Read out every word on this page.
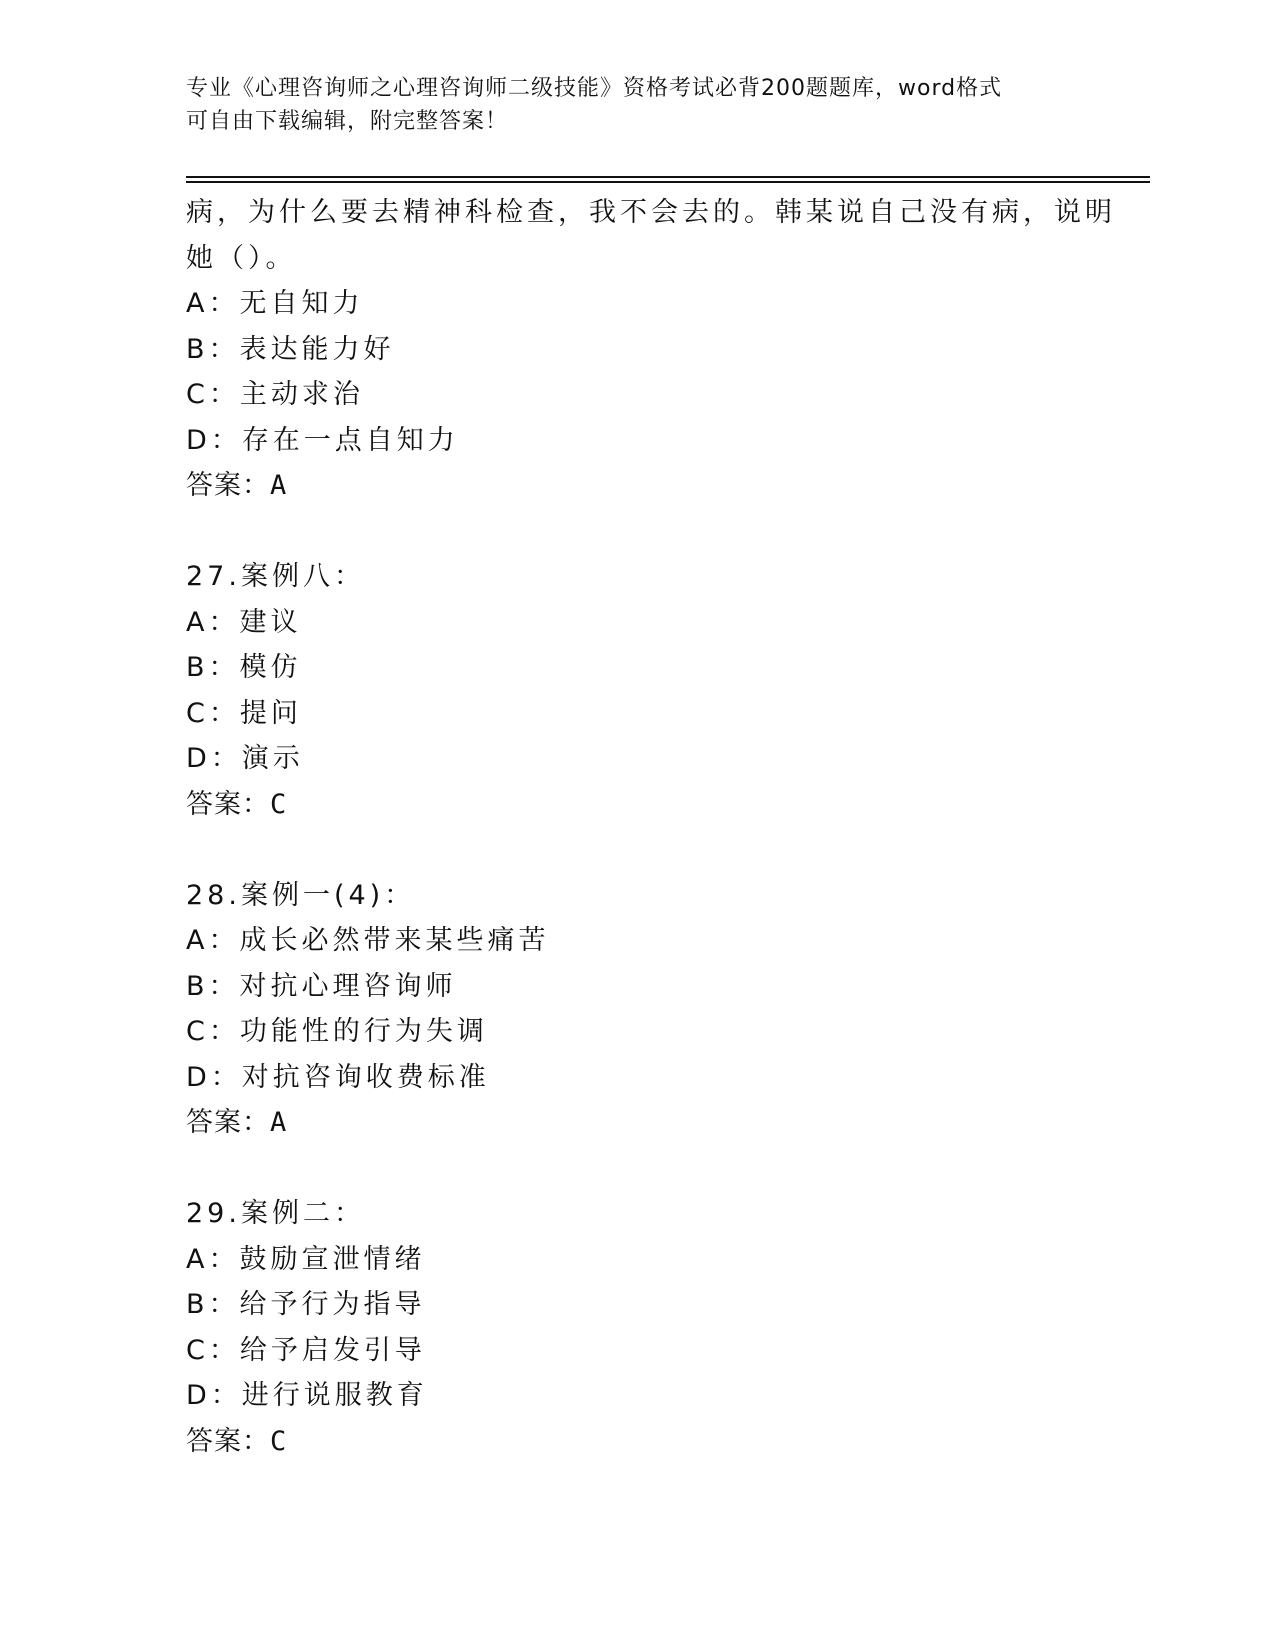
专业《心理咨询师之心理咨询师二级技能》资格考试必背200题题库，word格式
可自由下载编辑，附完整答案！
病，为什么要去精神科检查，我不会去的。韩某说自己没有病，说明
她（）。
A：无自知力
B：表达能力好
C：主动求治
D：存在一点自知力
答案：A
27.案例八：
A：建议
B：模仿
C：提问
D：演示
答案：C
28.案例一(4)：
A：成长必然带来某些痛苦
B：对抗心理咨询师
C：功能性的行为失调
D：对抗咨询收费标准
答案：A
29.案例二：
A：鼓励宣泄情绪
B：给予行为指导
C：给予启发引导
D：进行说服教育
答案：C
